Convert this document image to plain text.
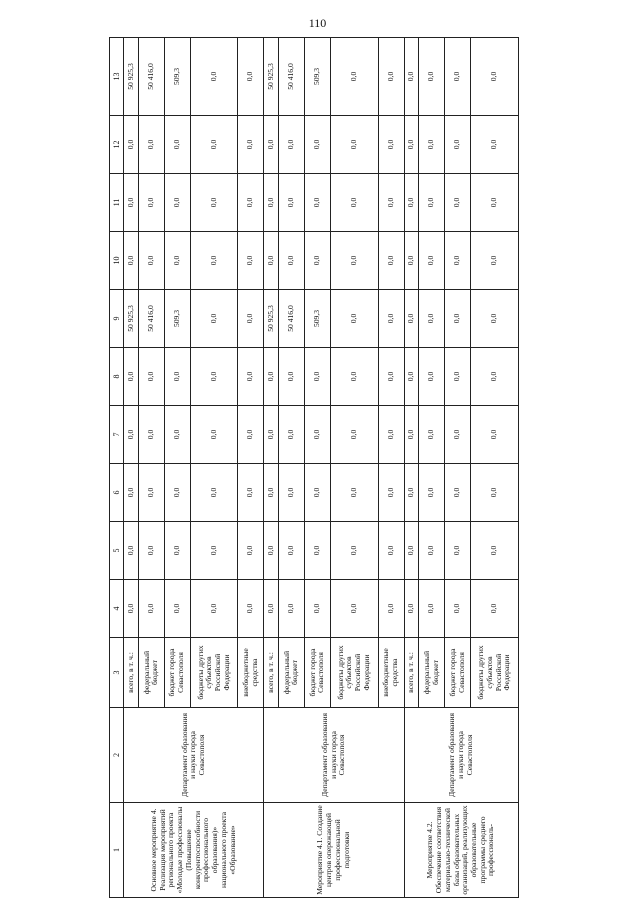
110
1	2	3	4	5	6	7	8	9	10	11	12	13
Основное мероприятие 4. Реализация мероприятий регионального проекта «Молодые профессионалы (Повышение конкурентоспособности профессионального образования)» национального проекта «Образование»	Департамент образования и науки города Севастополя	всего, в т. ч.:	0,0	0,0	0,0	0,0	0,0	50 925,3	0,0	0,0	0,0	50 925,3
		федеральный бюджет	0,0	0,0	0,0	0,0	0,0	50 416,0	0,0	0,0	0,0	50 416,0
		бюджет города Севастополя	0,0	0,0	0,0	0,0	0,0	509,3	0,0	0,0	0,0	509,3
		бюджеты других субъектов Российской Федерации	0,0	0,0	0,0	0,0	0,0	0,0	0,0	0,0	0,0	0,0
		внебюджетные средства	0,0	0,0	0,0	0,0	0,0	0,0	0,0	0,0	0,0	0,0
Мероприятие 4.1. Создание центров опережающей профессиональной подготовки	Департамент образования и науки города Севастополя	всего, в т. ч.:	0,0	0,0	0,0	0,0	0,0	50 925,3	0,0	0,0	0,0	50 925,3
		федеральный бюджет	0,0	0,0	0,0	0,0	0,0	50 416,0	0,0	0,0	0,0	50 416,0
		бюджет города Севастополя	0,0	0,0	0,0	0,0	0,0	509,3	0,0	0,0	0,0	509,3
		бюджеты других субъектов Российской Федерации	0,0	0,0	0,0	0,0	0,0	0,0	0,0	0,0	0,0	0,0
		внебюджетные средства	0,0	0,0	0,0	0,0	0,0	0,0	0,0	0,0	0,0	0,0
Мероприятие 4.2. Обеспечение соответствия материально-технической базы образовательных организаций, реализующих образовательные программы среднего профессиональ-	Департамент образования и науки города Севастополя	всего, в т. ч.:	0,0	0,0	0,0	0,0	0,0	0,0	0,0	0,0	0,0	0,0
		федеральный бюджет	0,0	0,0	0,0	0,0	0,0	0,0	0,0	0,0	0,0	0,0
		бюджет города Севастополя	0,0	0,0	0,0	0,0	0,0	0,0	0,0	0,0	0,0	0,0
		бюджеты других субъектов Российской Федерации	0,0	0,0	0,0	0,0	0,0	0,0	0,0	0,0	0,0	0,0
